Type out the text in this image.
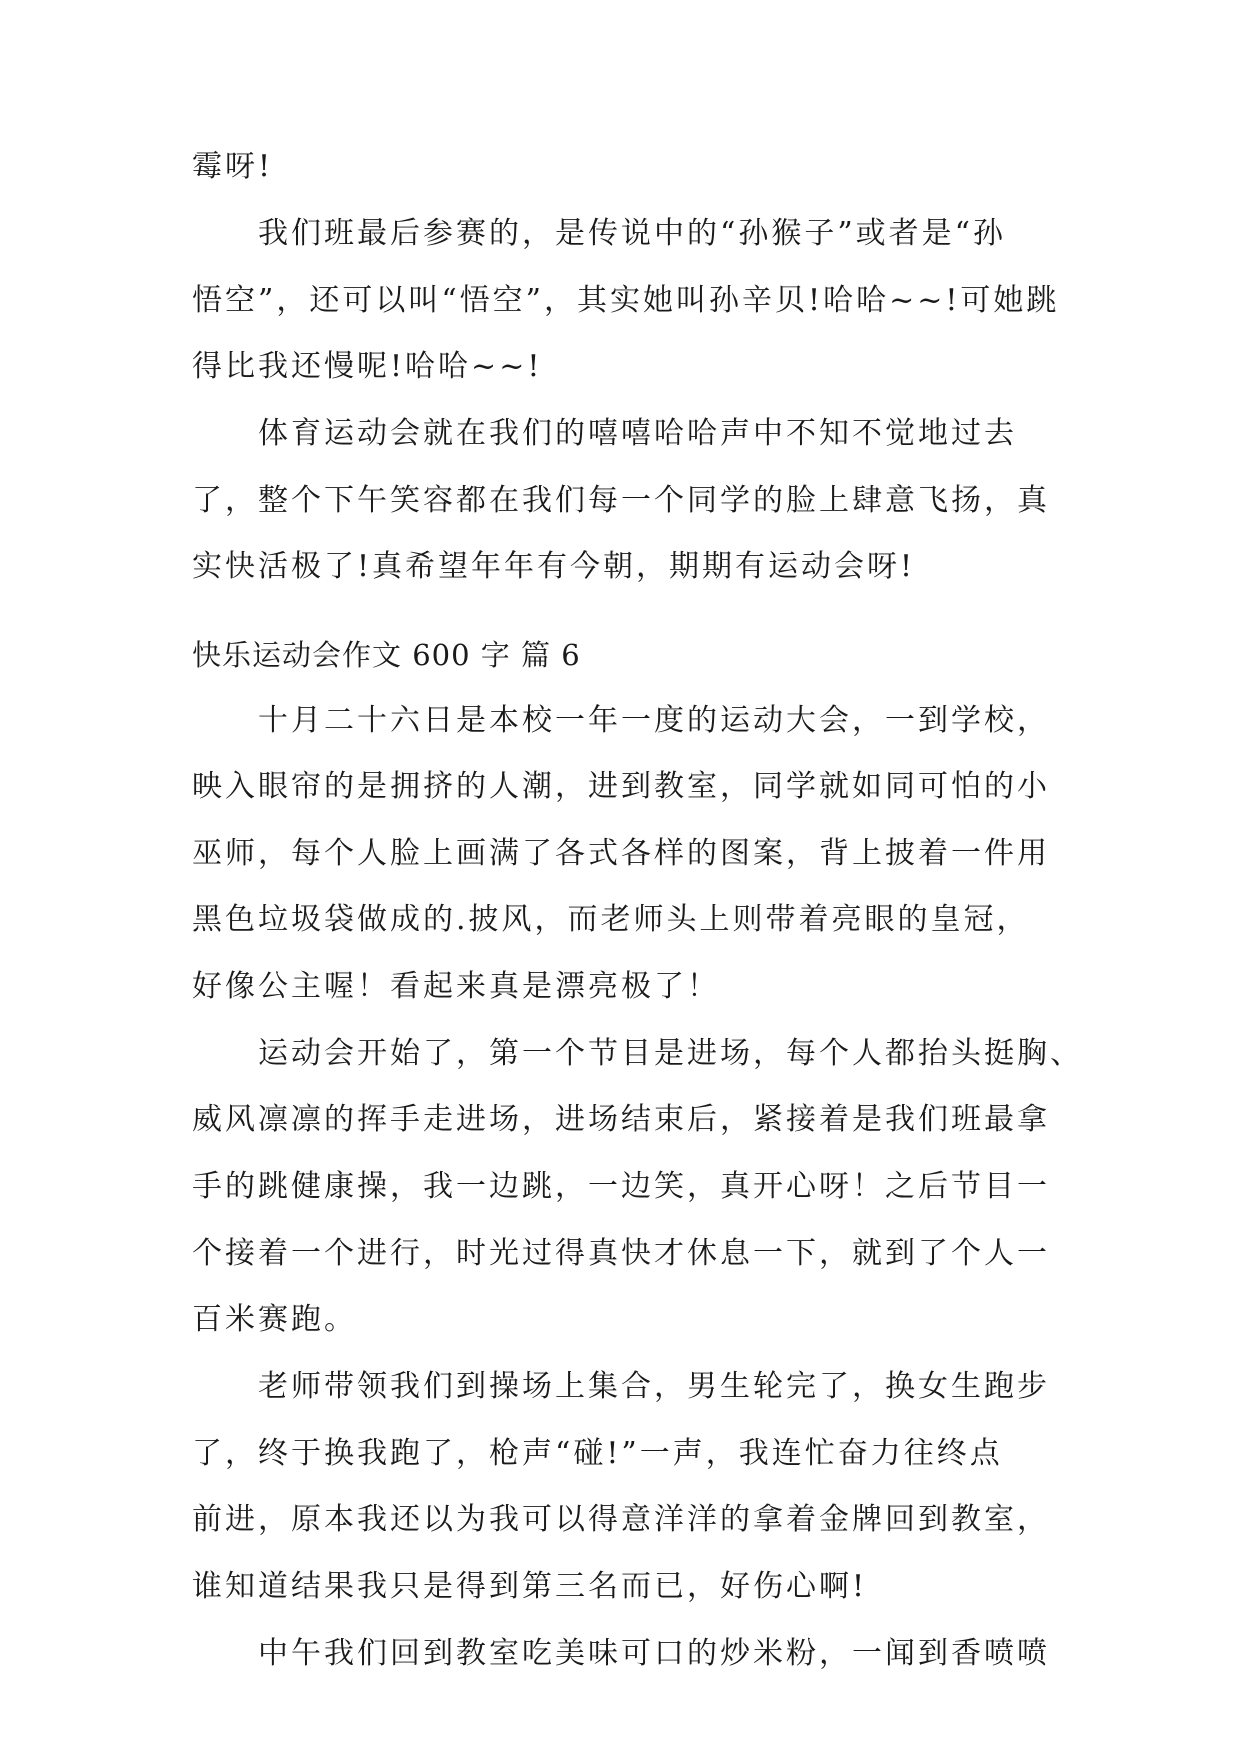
霉呀!
我们班最后参赛的，是传说中的“孙猴子”或者是“孙
悟空”，还可以叫“悟空”，其实她叫孙辛贝!哈哈~~!可她跳
得比我还慢呢!哈哈~~!
体育运动会就在我们的嘻嘻哈哈声中不知不觉地过去
了，整个下午笑容都在我们每一个同学的脸上肆意飞扬，真
实快活极了!真希望年年有今朝，期期有运动会呀!
快乐运动会作文 600 字 篇 6
十月二十六日是本校一年一度的运动大会，一到学校，
映入眼帘的是拥挤的人潮，进到教室，同学就如同可怕的小
巫师，每个人脸上画满了各式各样的图案，背上披着一件用
黑色垃圾袋做成的.披风，而老师头上则带着亮眼的皇冠，
好像公主喔！看起来真是漂亮极了！
运动会开始了，第一个节目是进场，每个人都抬头挺胸、
威风凛凛的挥手走进场，进场结束后，紧接着是我们班最拿
手的跳健康操，我一边跳，一边笑，真开心呀！之后节目一
个接着一个进行，时光过得真快才休息一下，就到了个人一
百米赛跑。
老师带领我们到操场上集合，男生轮完了，换女生跑步
了，终于换我跑了，枪声“碰!”一声，我连忙奋力往终点
前进，原本我还以为我可以得意洋洋的拿着金牌回到教室，
谁知道结果我只是得到第三名而已，好伤心啊!
中午我们回到教室吃美味可口的炒米粉，一闻到香喷喷
